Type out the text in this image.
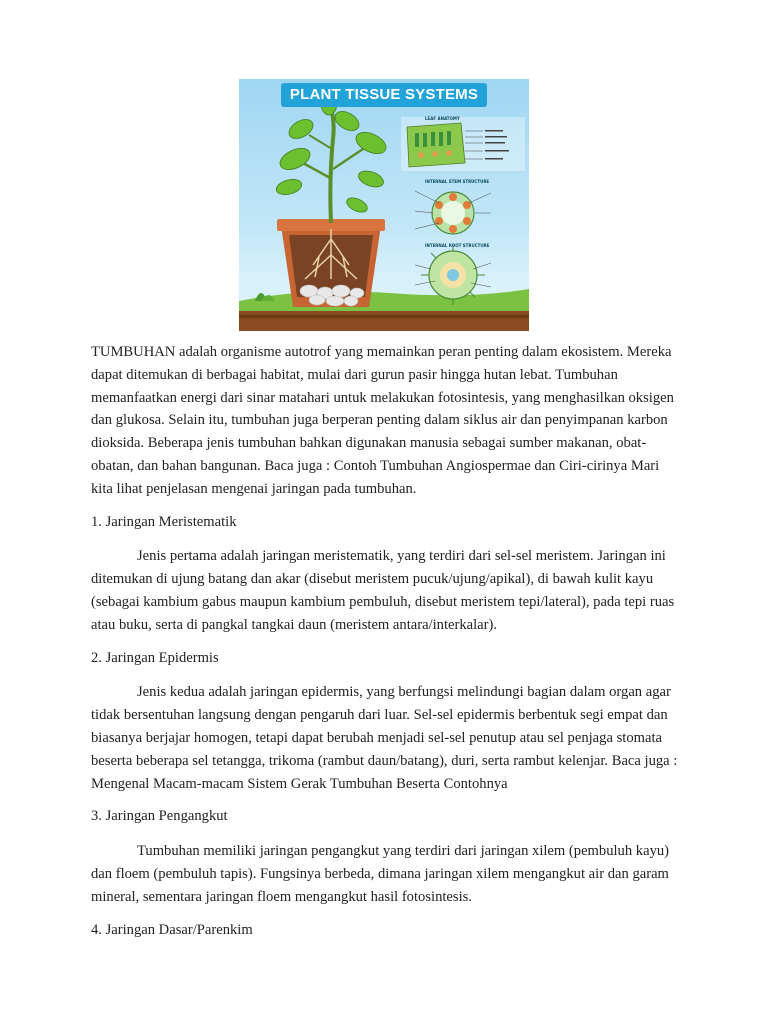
PLANT TISSUE SYSTEMS
LEAF ANATOMY
INTERNAL STEM STRUCTURE
INTERNAL ROOT STRUCTURE

TUMBUHAN adalah organisme autotrof yang memainkan peran penting dalam ekosistem. Mereka dapat ditemukan di berbagai habitat, mulai dari gurun pasir hingga hutan lebat. Tumbuhan memanfaatkan energi dari sinar matahari untuk melakukan fotosintesis, yang menghasilkan oksigen dan glukosa. Selain itu, tumbuhan juga berperan penting dalam siklus air dan penyimpanan karbon dioksida. Beberapa jenis tumbuhan bahkan digunakan manusia sebagai sumber makanan, obat-obatan, dan bahan bangunan. Baca juga : Contoh Tumbuhan Angiospermae dan Ciri-cirinya Mari kita lihat penjelasan mengenai jaringan pada tumbuhan.

1. Jaringan Meristematik

Jenis pertama adalah jaringan meristematik, yang terdiri dari sel-sel meristem. Jaringan ini ditemukan di ujung batang dan akar (disebut meristem pucuk/ujung/apikal), di bawah kulit kayu (sebagai kambium gabus maupun kambium pembuluh, disebut meristem tepi/lateral), pada tepi ruas atau buku, serta di pangkal tangkai daun (meristem antara/interkalar).

2. Jaringan Epidermis

Jenis kedua adalah jaringan epidermis, yang berfungsi melindungi bagian dalam organ agar tidak bersentuhan langsung dengan pengaruh dari luar. Sel-sel epidermis berbentuk segi empat dan biasanya berjajar homogen, tetapi dapat berubah menjadi sel-sel penutup atau sel penjaga stomata beserta beberapa sel tetangga, trikoma (rambut daun/batang), duri, serta rambut kelenjar. Baca juga : Mengenal Macam-macam Sistem Gerak Tumbuhan Beserta Contohnya

3. Jaringan Pengangkut

Tumbuhan memiliki jaringan pengangkut yang terdiri dari jaringan xilem (pembuluh kayu) dan floem (pembuluh tapis). Fungsinya berbeda, dimana jaringan xilem mengangkut air dan garam mineral, sementara jaringan floem mengangkut hasil fotosintesis.

4. Jaringan Dasar/Parenkim
